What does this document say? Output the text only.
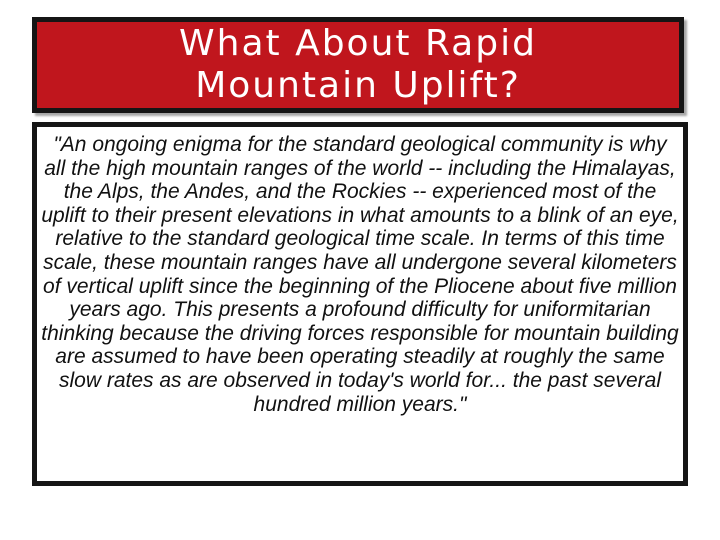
What About Rapid
Mountain Uplift?

"An ongoing enigma for the standard geological community is why all the high mountain ranges of the world -- including the Himalayas, the Alps, the Andes, and the Rockies -- experienced most of the uplift to their present elevations in what amounts to a blink of an eye, relative to the standard geological time scale. In terms of this time scale, these mountain ranges have all undergone several kilometers of vertical uplift since the beginning of the Pliocene about five million years ago. This presents a profound difficulty for uniformitarian thinking because the driving forces responsible for mountain building are assumed to have been operating steadily at roughly the same slow rates as are observed in today's world for... the past several hundred million years."
